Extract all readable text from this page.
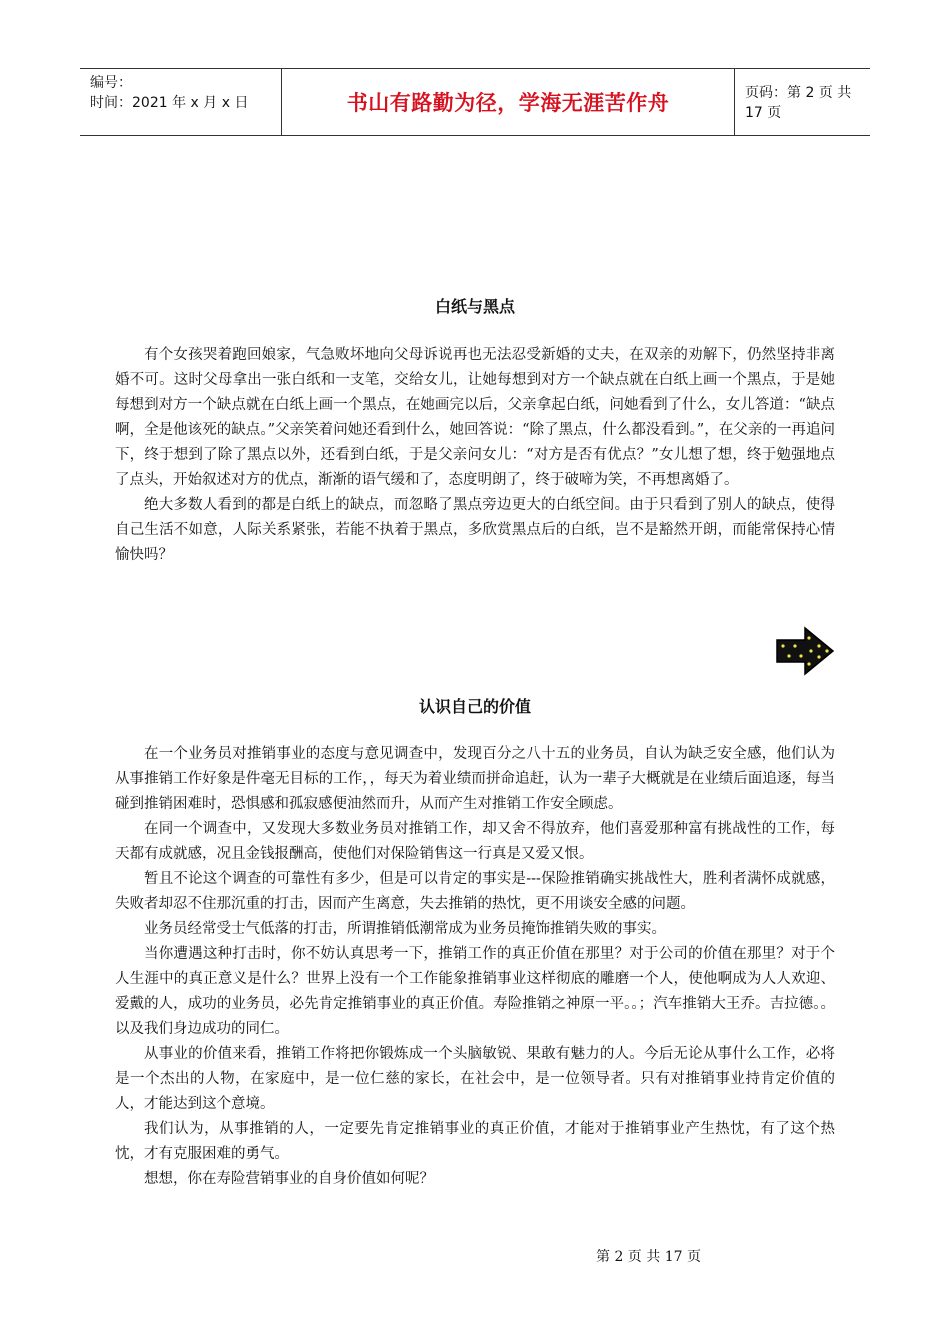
编号：
时间：2021 年 x 月 x 日	书山有路勤为径，学海无涯苦作舟	页码：第 2 页 共 17 页
白纸与黑点

有个女孩哭着跑回娘家，气急败坏地向父母诉说再也无法忍受新婚的丈夫，在双亲的劝解下，仍然坚持非离婚不可。这时父母拿出一张白纸和一支笔，交给女儿，让她每想到对方一个缺点就在白纸上画一个黑点，于是她每想到对方一个缺点就在白纸上画一个黑点，在她画完以后，父亲拿起白纸，问她看到了什么，女儿答道：“缺点啊，全是他该死的缺点。”父亲笑着问她还看到什么，她回答说：“除了黑点，什么都没看到。”，在父亲的一再追问下，终于想到了除了黑点以外，还看到白纸，于是父亲问女儿：“对方是否有优点？”女儿想了想，终于勉强地点了点头，开始叙述对方的优点，渐渐的语气缓和了，态度明朗了，终于破啼为笑，不再想离婚了。

绝大多数人看到的都是白纸上的缺点，而忽略了黑点旁边更大的白纸空间。由于只看到了别人的缺点，使得自己生活不如意，人际关系紧张，若能不执着于黑点，多欣赏黑点后的白纸，岂不是豁然开朗，而能常保持心情愉快吗？

认识自己的价值

在一个业务员对推销事业的态度与意见调查中，发现百分之八十五的业务员，自认为缺乏安全感，他们认为从事推销工作好象是件毫无目标的工作，，每天为着业绩而拼命追赶，认为一辈子大概就是在业绩后面追逐，每当碰到推销困难时，恐惧感和孤寂感便油然而升，从而产生对推销工作安全顾虑。

在同一个调查中，又发现大多数业务员对推销工作，却又舍不得放弃，他们喜爱那种富有挑战性的工作，每天都有成就感，况且金钱报酬高，使他们对保险销售这一行真是又爱又恨。

暂且不论这个调查的可靠性有多少，但是可以肯定的事实是---保险推销确实挑战性大，胜利者满怀成就感，失败者却忍不住那沉重的打击，因而产生离意，失去推销的热忱，更不用谈安全感的问题。

业务员经常受士气低落的打击，所谓推销低潮常成为业务员掩饰推销失败的事实。

当你遭遇这种打击时，你不妨认真思考一下，推销工作的真正价值在那里？对于公司的价值在那里？对于个人生涯中的真正意义是什么？世界上没有一个工作能象推销事业这样彻底的雕磨一个人，使他啊成为人人欢迎、爱戴的人，成功的业务员，必先肯定推销事业的真正价值。寿险推销之神原一平。。；汽车推销大王乔。吉拉德。。以及我们身边成功的同仁。

从事业的价值来看，推销工作将把你锻炼成一个头脑敏锐、果敢有魅力的人。今后无论从事什么工作，必将是一个杰出的人物，在家庭中，是一位仁慈的家长，在社会中，是一位领导者。只有对推销事业持肯定价值的人，才能达到这个意境。

我们认为，从事推销的人，一定要先肯定推销事业的真正价值，才能对于推销事业产生热忱，有了这个热忱，才有克服困难的勇气。

想想，你在寿险营销事业的自身价值如何呢？

第 2 页 共 17 页
